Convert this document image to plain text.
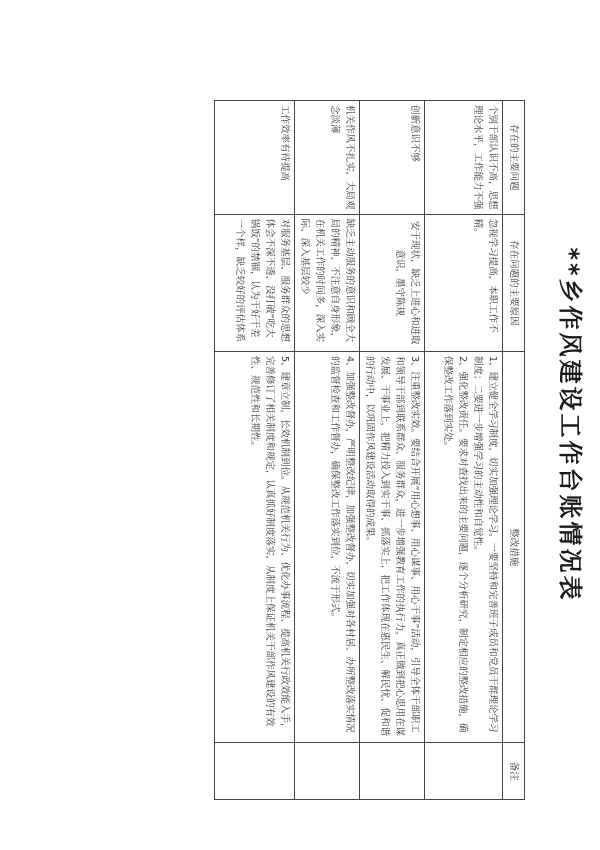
**乡作风建设工作台账情况表
存在的主要问题	存在问题的主要原因	整改措施	备注
个别干部认识不高，思想理论水平，工作能力不强	忽视学习提高，本职工作不精。	1、建立健全学习制度，切实加强理论学习。一要坚持和完善班子成员和党员干群理论学习制度；二要进一步增强学习的主动性和自觉性。
2、强化整改责任。要求对查找出来的主要问题，逐个分析研究，制定相应的整改措施，确保整改工作落到实处。	

创新意识不够	安于现状，缺乏上进心和进取意识，墨守陈规	3、注重整改实效。要结合开展“用心想事、用心谋事、用心干事”活动，引导全体干部职工和领导干部到联系群众、服务群众，进一步增强教育工作的执行力，真正做到把心思用在谋发展、干事业上，把精力投入到实干事、抓落实上，把工作体现在惠民生、解民忧、促和谐的行动中，以巩固作风建设活动取得的成果。	

机关作风不扎实，大局观念淡薄	缺乏主动服务的意识和顾全大局的精神，不注意自身形象，在机关工作的时间多，深入实际、深入基层较少	4、加强整改督办，严明整改纪律，加强整改督办，切实加强对各村居、办所整改落实情况的监督检查和工作督办，确保整改工作落实到位，不流于形式。	

工作效率有待提高	对服务基层、服务群众的思想体会不深不透，没打破“吃大锅饭”的禁锢，认为干好干差一个样，缺乏较好的评估体系	5、建章立制，长效机制到位。从规范机关行为、优化办事流程、提高机关行政效能入手，完善修订了相关制度和规定，认真抓好制度落实，从制度上保证机关干部作风建设的有效性、规范性和长期性。	
